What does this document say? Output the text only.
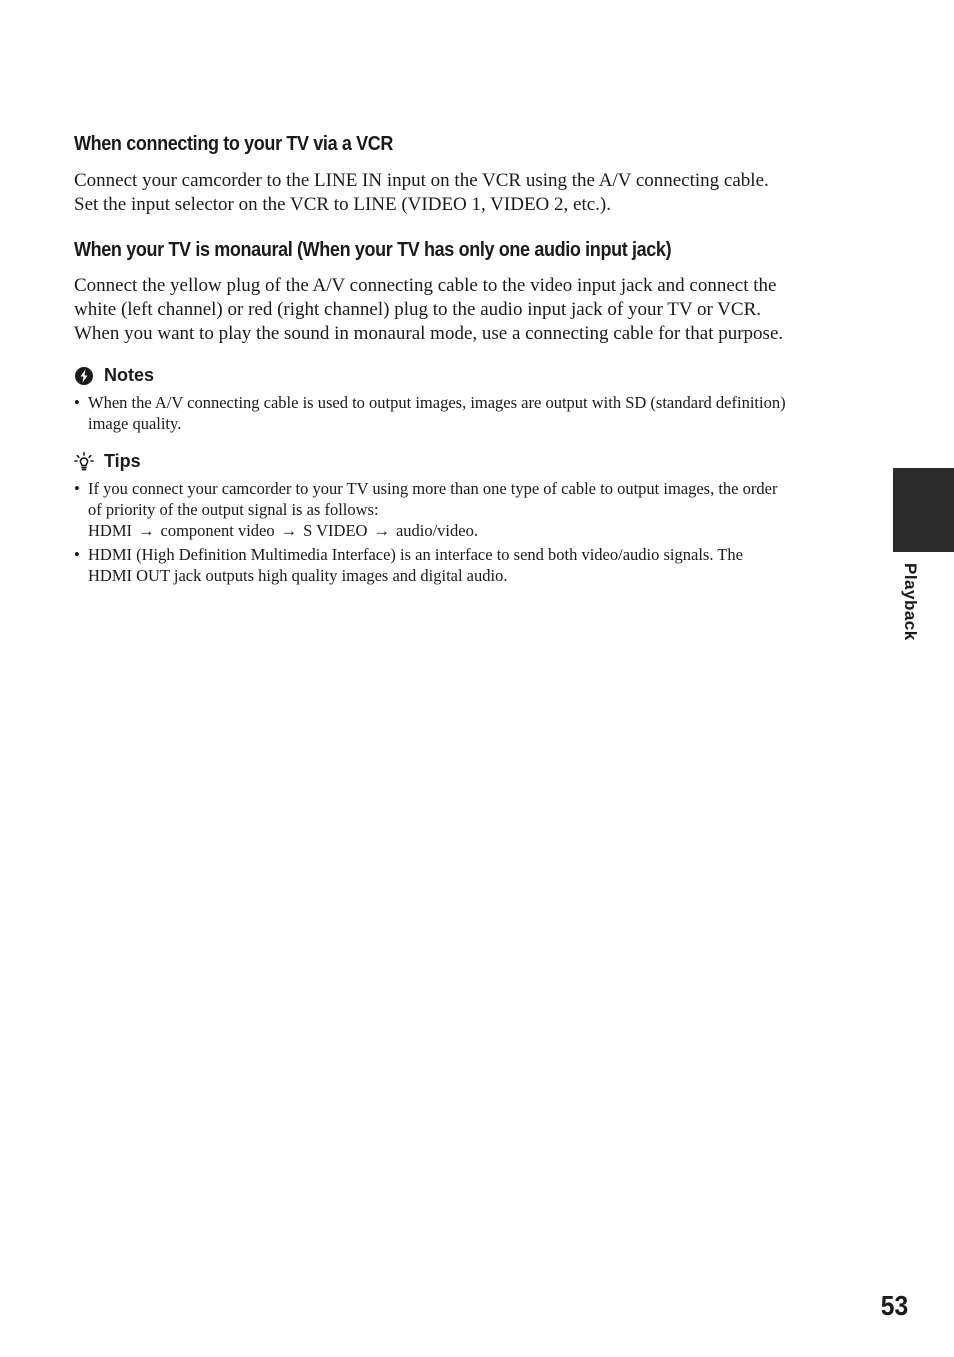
When connecting to your TV via a VCR

Connect your camcorder to the LINE IN input on the VCR using the A/V connecting cable.
Set the input selector on the VCR to LINE (VIDEO 1, VIDEO 2, etc.).

When your TV is monaural (When your TV has only one audio input jack)

Connect the yellow plug of the A/V connecting cable to the video input jack and connect the
white (left channel) or red (right channel) plug to the audio input jack of your TV or VCR.
When you want to play the sound in monaural mode, use a connecting cable for that purpose.

Notes
• When the A/V connecting cable is used to output images, images are output with SD (standard definition)
image quality.
Tips
• If you connect your camcorder to your TV using more than one type of cable to output images, the order
of priority of the output signal is as follows:
HDMI → component video → S VIDEO → audio/video.
• HDMI (High Definition Multimedia Interface) is an interface to send both video/audio signals. The
HDMI OUT jack outputs high quality images and digital audio.	Playback
53
